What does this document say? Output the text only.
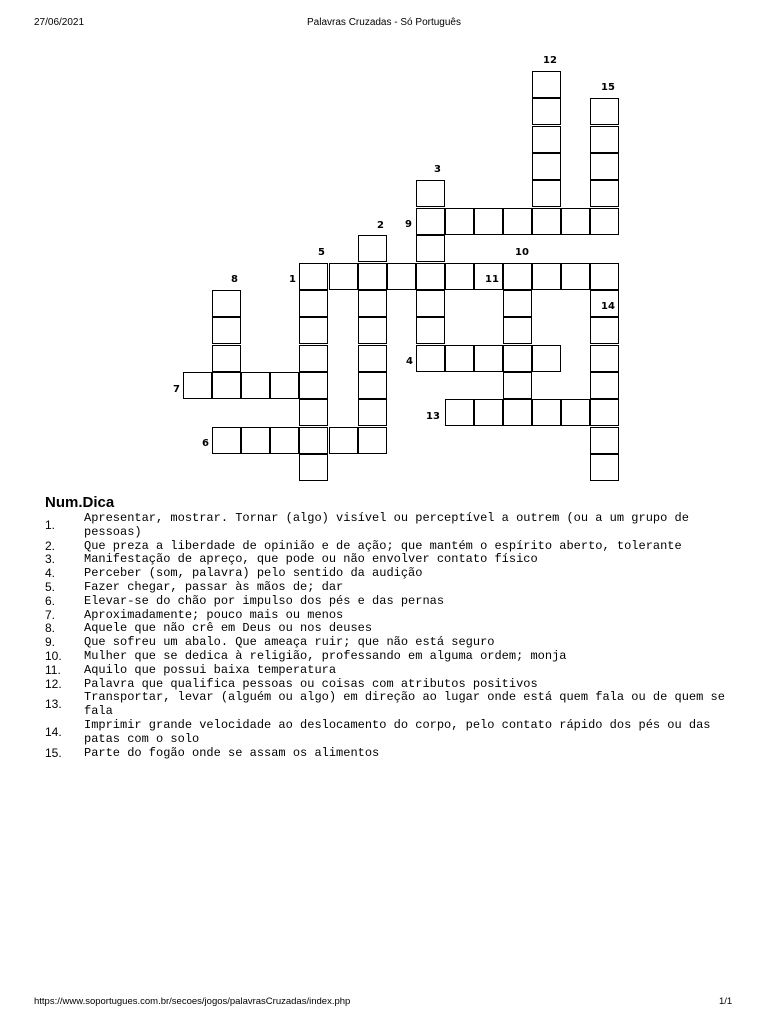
27/06/2021	Palavras Cruzadas - Só Português
12
15
3
2 9
5	10
8	1	11
14
4
7
13
6
Num.Dica
1.	Apresentar, mostrar. Tornar (algo) visível ou perceptível a outrem (ou a um grupo de pessoas)
2.	Que preza a liberdade de opinião e de ação; que mantém o espírito aberto, tolerante
3.	Manifestação de apreço, que pode ou não envolver contato físico
4.	Perceber (som, palavra) pelo sentido da audição
5.	Fazer chegar, passar às mãos de; dar
6.	Elevar-se do chão por impulso dos pés e das pernas
7.	Aproximadamente; pouco mais ou menos
8.	Aquele que não crê em Deus ou nos deuses
9.	Que sofreu um abalo. Que ameaça ruir; que não está seguro
10.	Mulher que se dedica à religião, professando em alguma ordem; monja
11.	Aquilo que possui baixa temperatura
12.	Palavra que qualifica pessoas ou coisas com atributos positivos
13.	Transportar, levar (alguém ou algo) em direção ao lugar onde está quem fala ou de quem se fala
14.	Imprimir grande velocidade ao deslocamento do corpo, pelo contato rápido dos pés ou das patas com o solo
15.	Parte do fogão onde se assam os alimentos
https://www.soportugues.com.br/secoes/jogos/palavrasCruzadas/index.php	1/1
